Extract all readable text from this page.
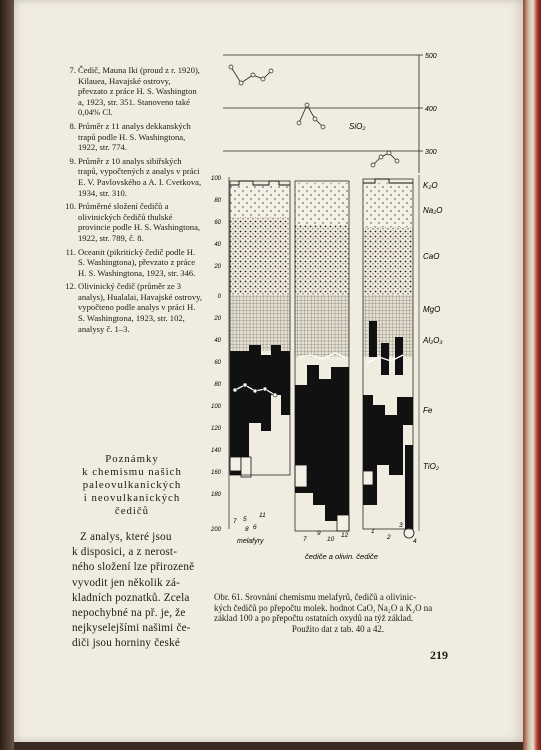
7. Čedič, Mauna Iki (proud z r. 1920), Kilauea, Havajské ostrovy, převzato z práce H. S. Washington a, 1923, str. 351. Stanoveno také 0,04% Cl.
8. Průměr z 11 analys dekkanských trapů podle H. S. Washingtona, 1922, str. 774.
9. Průměr z 10 analys sibiřských trapů, vypočtených z analys v práci E. V. Pavlovského a A. I. Cvetkova, 1934, str. 310.
10. Průměrné složení čedičů a olivinických čedičů thulské provincie podle H. S. Washingtona, 1922, str. 789, č. 8.
11. Oceanit (pikritický čedič podle H. S. Washingtona), převzato z práce H. S. Washingtona, 1923, str. 346.
12. Olivinický čedič (průměr ze 3 analys), Hualalai, Havajské ostrovy, vypočteno podle analys v práci H. S. Washingtona, 1923, str. 102, analysy č. 1–3.
Poznámky
k chemismu našich
paleovulkanických
i neovulkanických
čedičů
Z analys, které jsou
k disposici, a z nerost-
ného složení lze přirozeně
vyvodit jen několik zá-
kladních poznatků. Zcela
nepochybné na př. je, že
nejkyselejšími našimi če-
diči jsou horniny české
500
400
300
SiO₂
100
80
60
40
20
0
20
40
60
80
100
120
140
160
180
200
K₂O
Na₂O
CaO
MgO
Al₂O₃
Fe
TiO₂
7 5
11
8 6
melafyry	7
9
10
12
1
2
3
4
čediče a olivin. čediče
Obr. 61. Srovnání chemismu melafyrů, čedičů a olivinic-
kých čedičů po přepočtu molek. hodnot CaO, Na₂O a K₂O na
základ 100 a po přepočtu ostatních oxydů na týž základ.
Použito dat z tab. 40 a 42.
219
